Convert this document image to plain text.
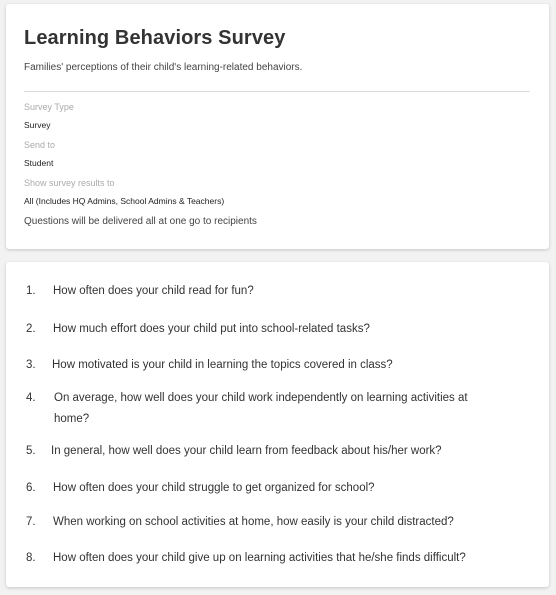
Learning Behaviors Survey
Families' perceptions of their child's learning-related behaviors.
Survey Type
Survey
Send to
Student
Show survey results to
All (Includes HQ Admins, School Admins & Teachers)
Questions will be delivered all at one go to recipients
1.	How often does your child read for fun?
2.	How much effort does your child put into school-related tasks?
3.	How motivated is your child in learning the topics covered in class?
4.	On average, how well does your child work independently on learning activities at home?
5.	In general, how well does your child learn from feedback about his/her work?
6.	How often does your child struggle to get organized for school?
7.	When working on school activities at home, how easily is your child distracted?
8.	How often does your child give up on learning activities that he/she finds difficult?
